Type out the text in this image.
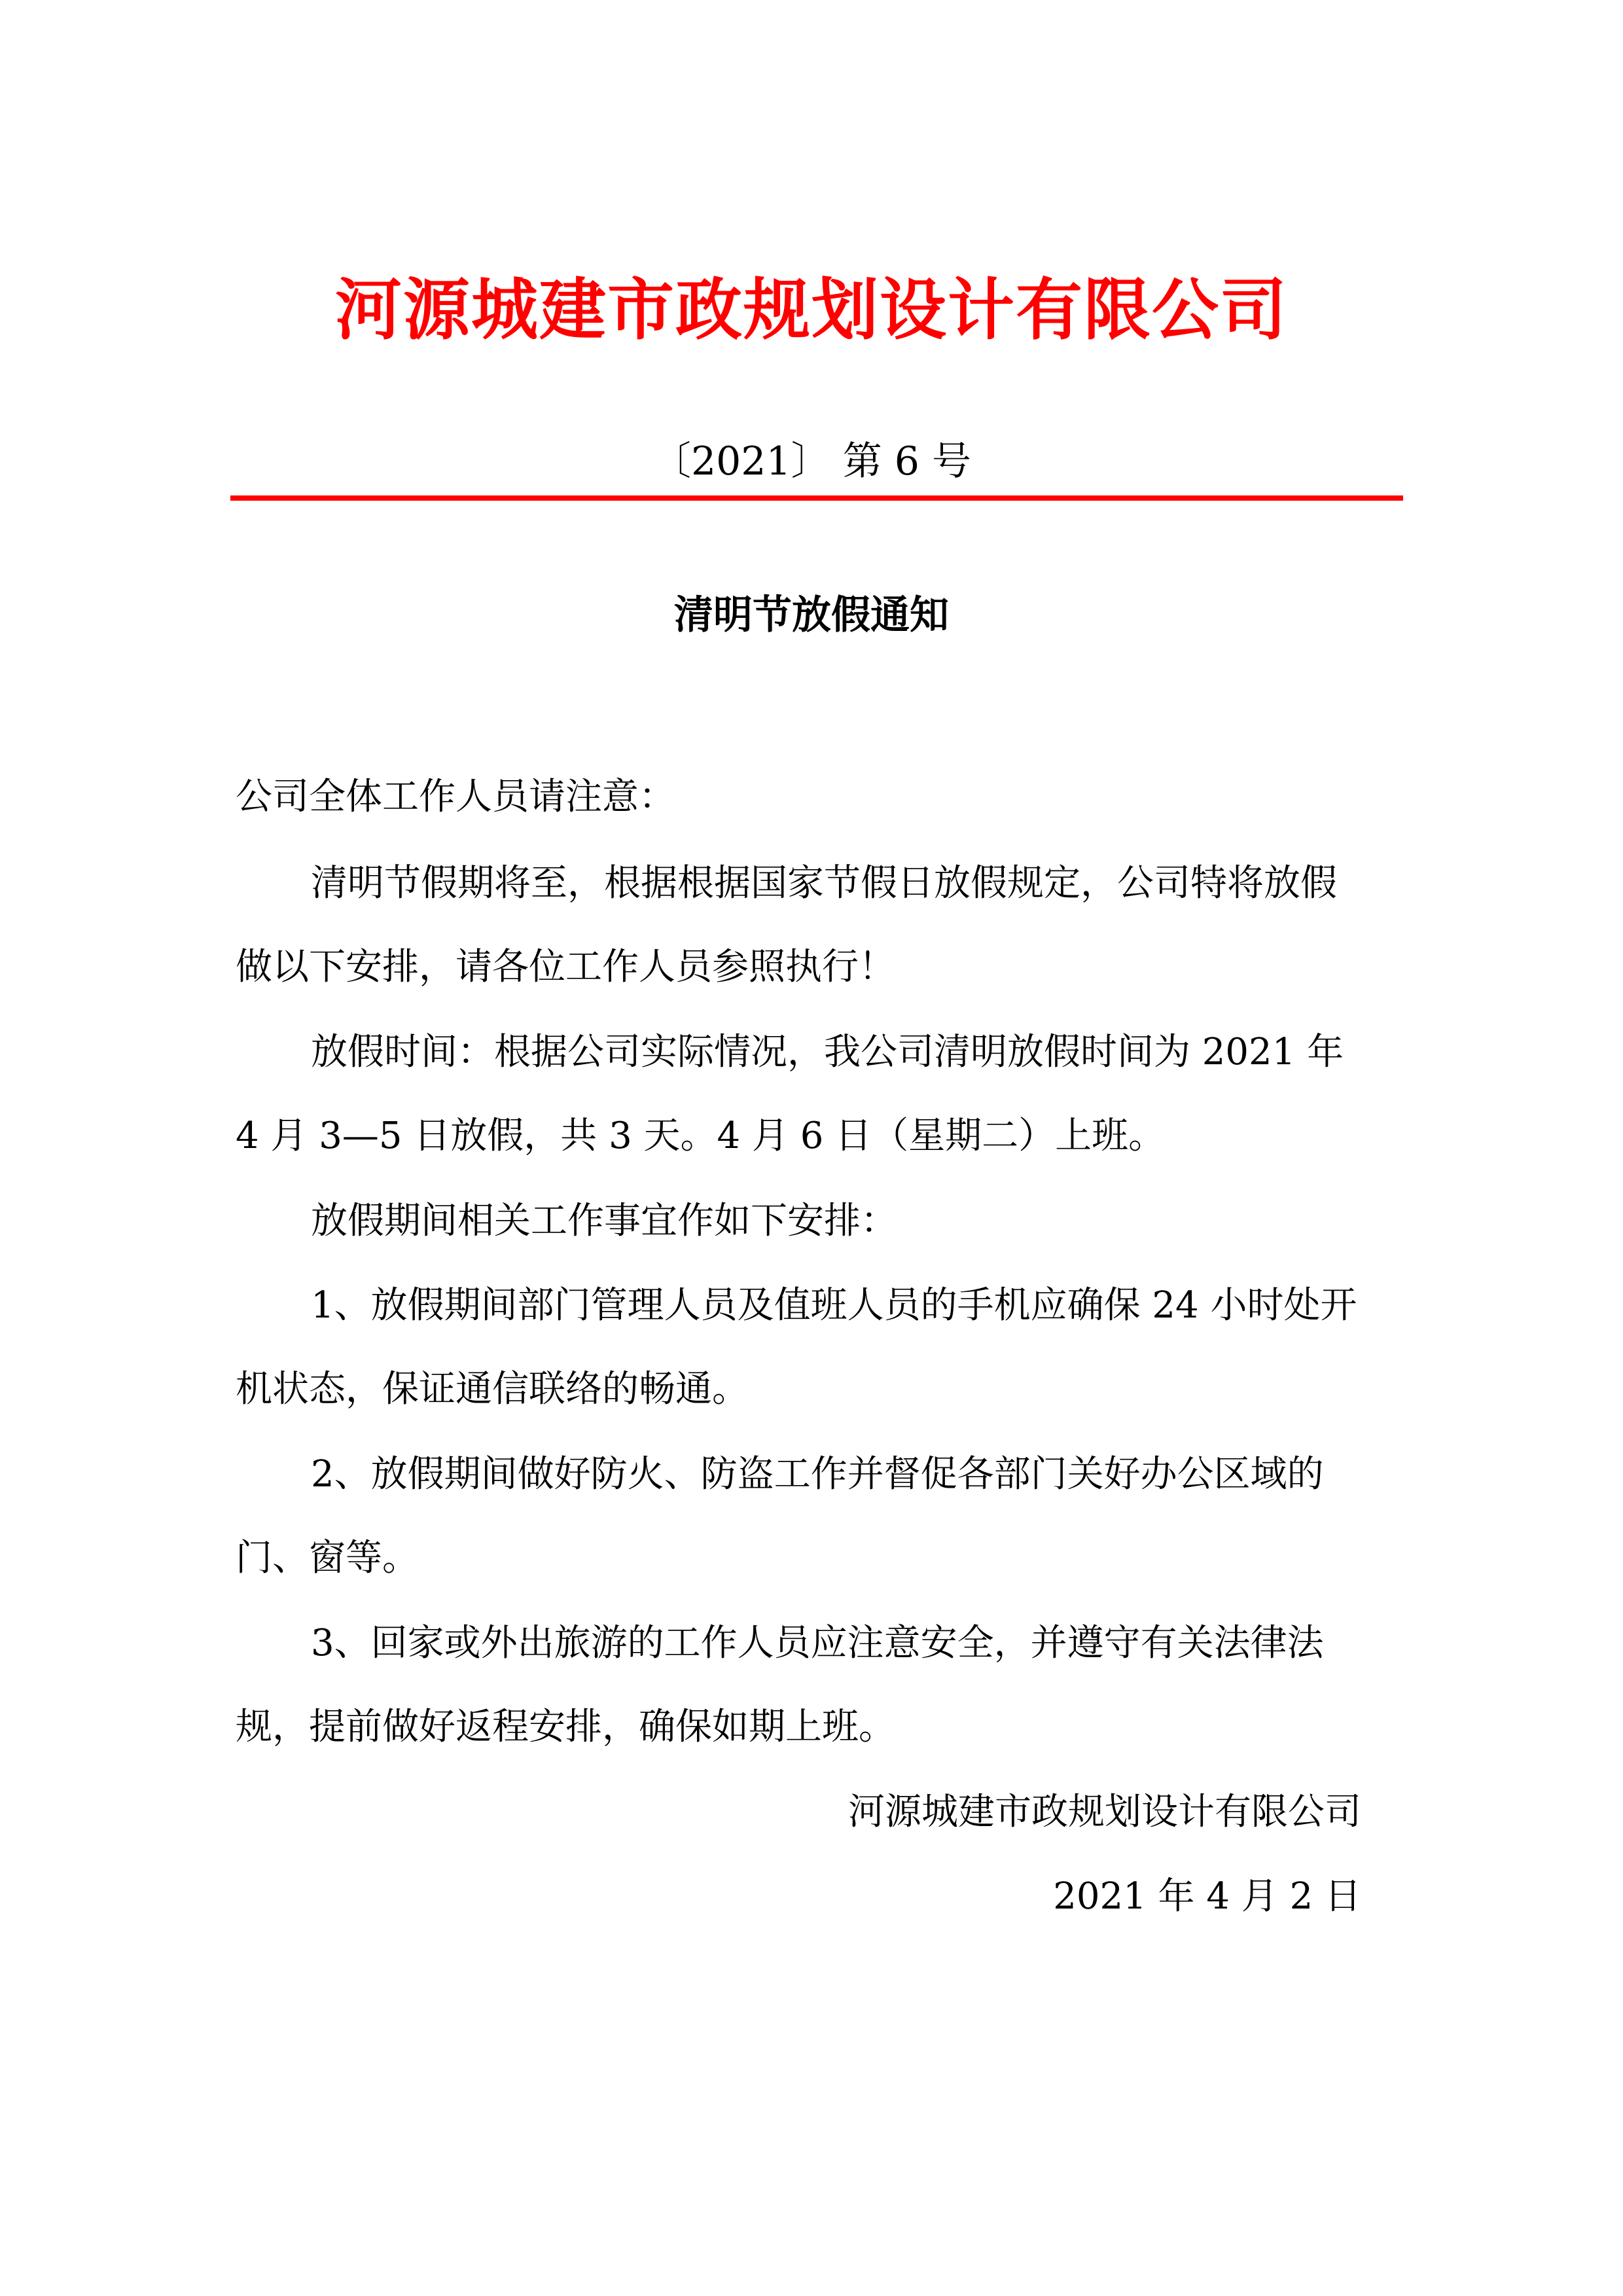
河源城建市政规划设计有限公司
〔2021〕 第 6 号
清明节放假通知
公司全体工作人员请注意：
清明节假期将至，根据根据国家节假日放假规定，公司特将放假
做以下安排，请各位工作人员参照执行！
放假时间：根据公司实际情况，我公司清明放假时间为 2021 年
4 月 3—5 日放假，共 3 天。4 月 6 日（星期二）上班。
放假期间相关工作事宜作如下安排：
1、放假期间部门管理人员及值班人员的手机应确保 24 小时处开
机状态，保证通信联络的畅通。
2、放假期间做好防火、防盗工作并督促各部门关好办公区域的
门、窗等。
3、回家或外出旅游的工作人员应注意安全，并遵守有关法律法
规，提前做好返程安排，确保如期上班。
河源城建市政规划设计有限公司
2021 年 4 月 2 日
